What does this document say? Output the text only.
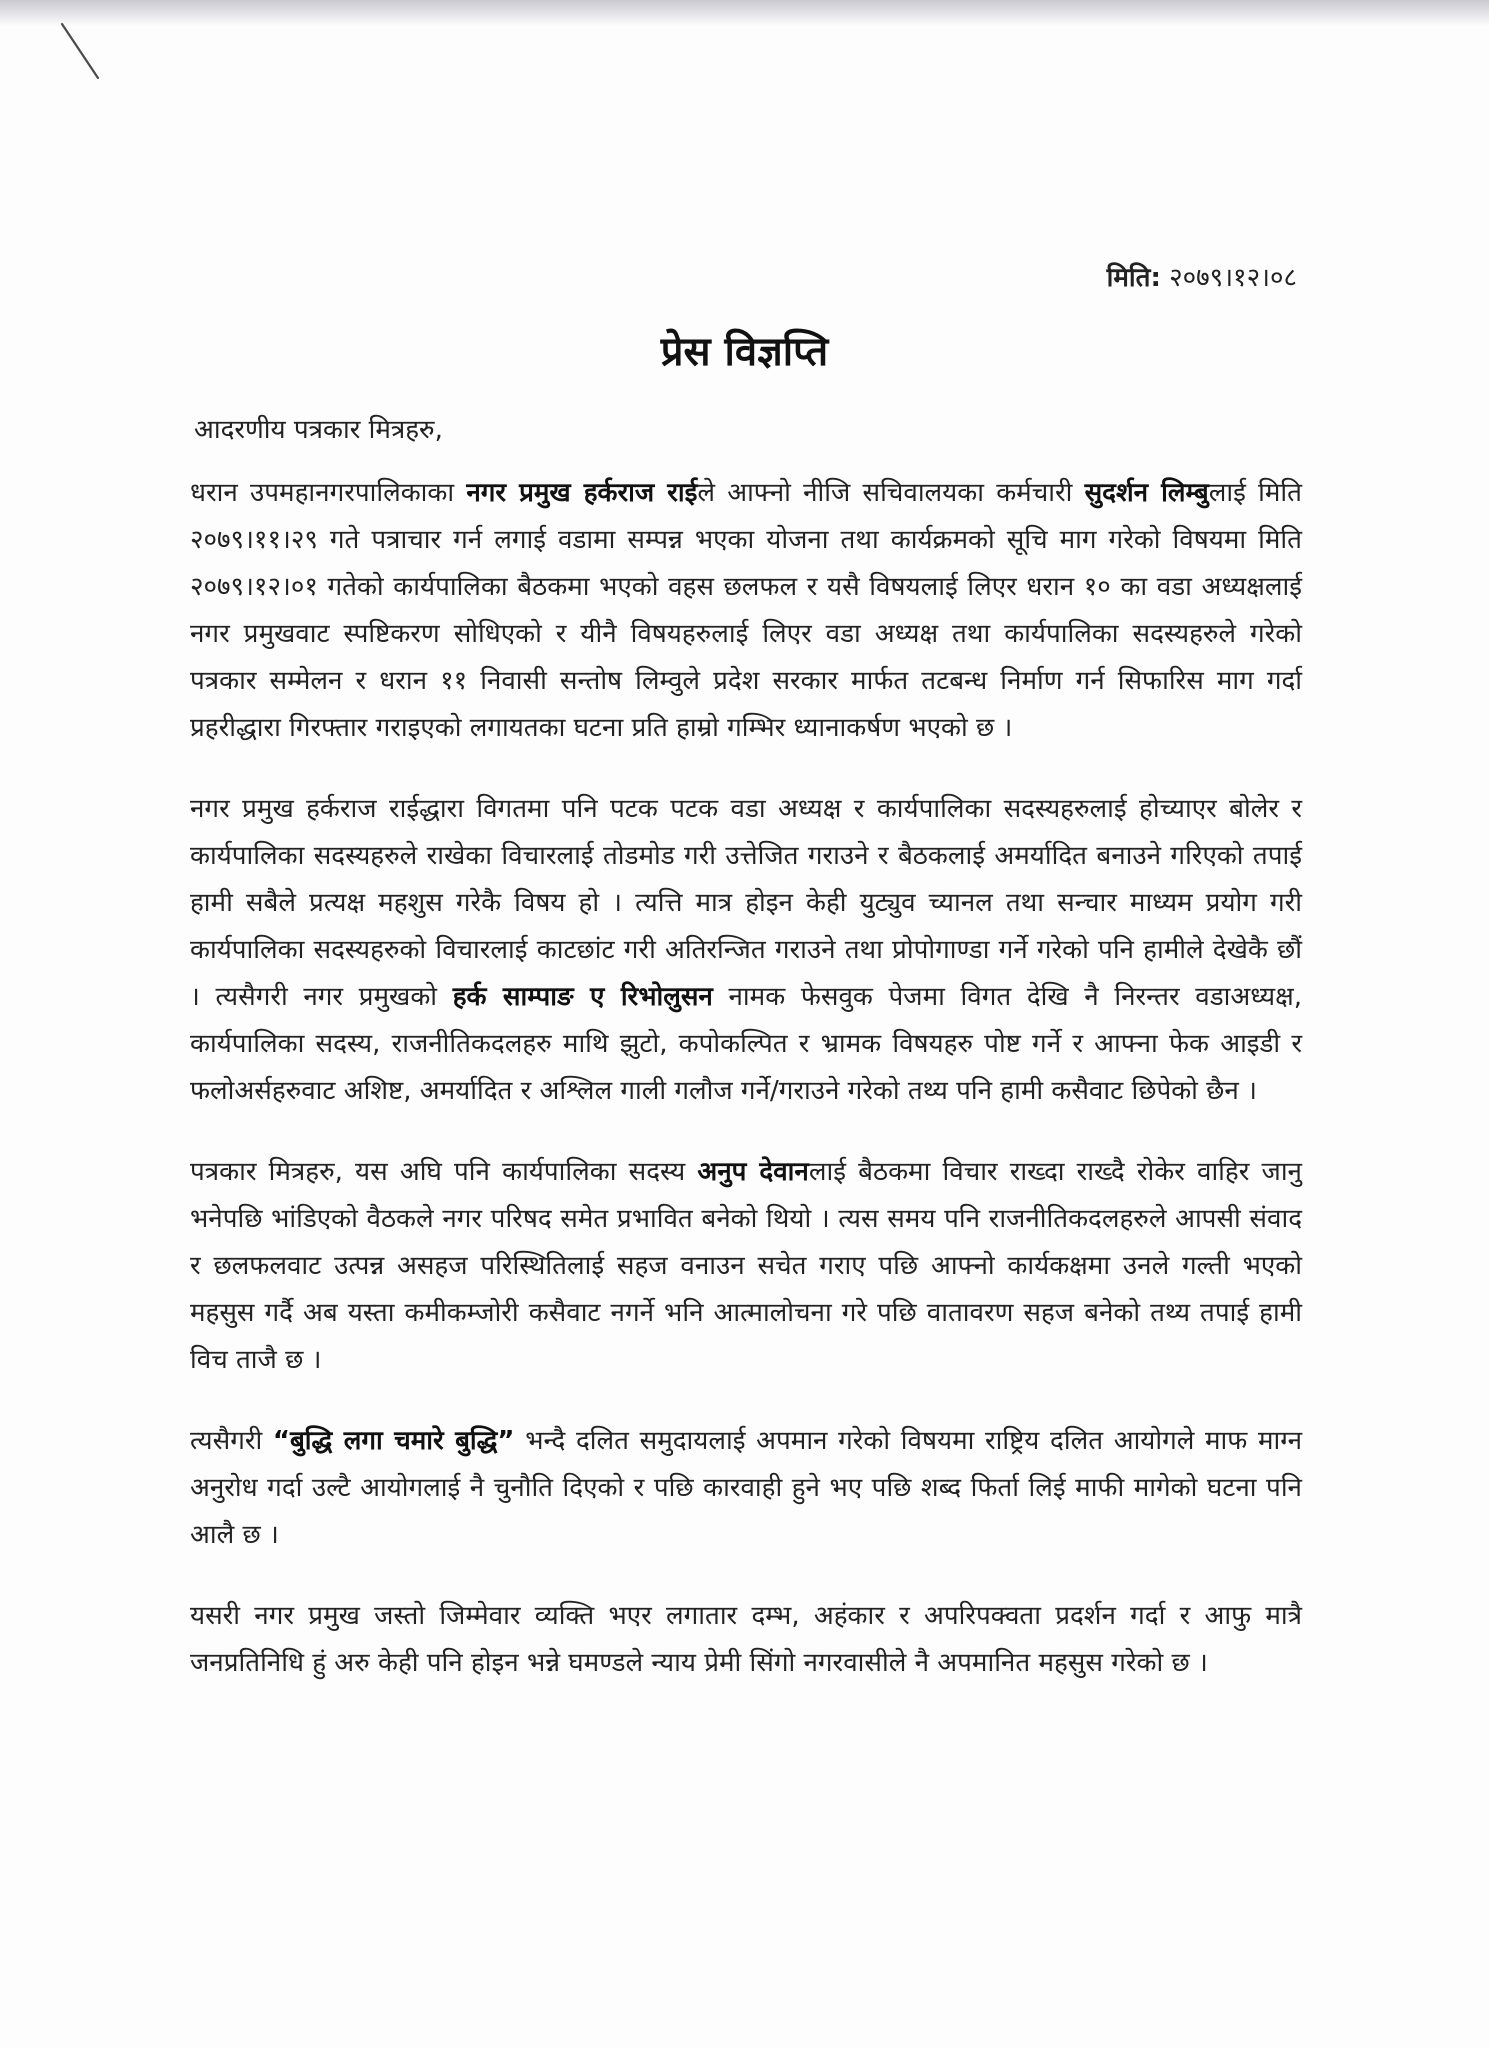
मिति: २०७९।१२।०८
प्रेस विज्ञप्ति
आदरणीय पत्रकार मित्रहरु,

धरान उपमहानगरपालिकाका नगर प्रमुख हर्कराज राईले आफ्नो नीजि सचिवालयका कर्मचारी सुदर्शन लिम्बुलाई मिति २०७९।११।२९ गते पत्राचार गर्न लगाई वडामा सम्पन्न भएका योजना तथा कार्यक्रमको सूचि माग गरेको विषयमा मिति २०७९।१२।०१ गतेको कार्यपालिका बैठकमा भएको वहस छलफल र यसै विषयलाई लिएर धरान १० का वडा अध्यक्षलाई नगर प्रमुखवाट स्पष्टिकरण सोधिएको र यीनै विषयहरुलाई लिएर वडा अध्यक्ष तथा कार्यपालिका सदस्यहरुले गरेको पत्रकार सम्मेलन र धरान ११ निवासी सन्तोष लिम्वुले प्रदेश सरकार मार्फत तटबन्ध निर्माण गर्न सिफारिस माग गर्दा प्रहरीद्धारा गिरफ्तार गराइएको लगायतका घटना प्रति हाम्रो गम्भिर ध्यानाकर्षण भएको छ ।

नगर प्रमुख हर्कराज राईद्धारा विगतमा पनि पटक पटक वडा अध्यक्ष र कार्यपालिका सदस्यहरुलाई होच्याएर बोलेर र कार्यपालिका सदस्यहरुले राखेका विचारलाई तोडमोड गरी उत्तेजित गराउने र बैठकलाई अमर्यादित बनाउने गरिएको तपाई हामी सबैले प्रत्यक्ष महशुस गरेकै विषय हो । त्यत्ति मात्र होइन केही युट्युव च्यानल तथा सन्चार माध्यम प्रयोग गरी कार्यपालिका सदस्यहरुको विचारलाई काटछांट गरी अतिरन्जित गराउने तथा प्रोपोगाण्डा गर्ने गरेको पनि हामीले देखेकै छौं । त्यसैगरी नगर प्रमुखको हर्क साम्पाङ ए रिभोलुसन नामक फेसवुक पेजमा विगत देखि नै निरन्तर वडाअध्यक्ष, कार्यपालिका सदस्य, राजनीतिकदलहरु माथि झुटो, कपोकल्पित र भ्रामक विषयहरु पोष्ट गर्ने र आफ्ना फेक आइडी र फलोअर्सहरुवाट अशिष्ट, अमर्यादित र अश्लिल गाली गलौज गर्ने/गराउने गरेको तथ्य पनि हामी कसैवाट छिपेको छैन ।

पत्रकार मित्रहरु, यस अघि पनि कार्यपालिका सदस्य अनुप देवानलाई बैठकमा विचार राख्दा राख्दै रोकेर वाहिर जानु भनेपछि भांडिएको वैठकले नगर परिषद समेत प्रभावित बनेको थियो । त्यस समय पनि राजनीतिकदलहरुले आपसी संवाद र छलफलवाट उत्पन्न असहज परिस्थितिलाई सहज वनाउन सचेत गराए पछि आफ्नो कार्यकक्षमा उनले गल्ती भएको महसुस गर्दै अब यस्ता कमीकम्जोरी कसैवाट नगर्ने भनि आत्मालोचना गरे पछि वातावरण सहज बनेको तथ्य तपाई हामी विच ताजै छ ।

त्यसैगरी “बुद्धि लगा चमारे बुद्धि” भन्दै दलित समुदायलाई अपमान गरेको विषयमा राष्ट्रिय दलित आयोगले माफ माग्न अनुरोध गर्दा उल्टै आयोगलाई नै चुनौति दिएको र पछि कारवाही हुने भए पछि शब्द फिर्ता लिई माफी मागेको घटना पनि आलै छ ।

यसरी नगर प्रमुख जस्तो जिम्मेवार व्यक्ति भएर लगातार दम्भ, अहंकार र अपरिपक्वता प्रदर्शन गर्दा र आफु मात्रै जनप्रतिनिधि हुं अरु केही पनि होइन भन्ने घमण्डले न्याय प्रेमी सिंगो नगरवासीले नै अपमानित महसुस गरेको छ ।
